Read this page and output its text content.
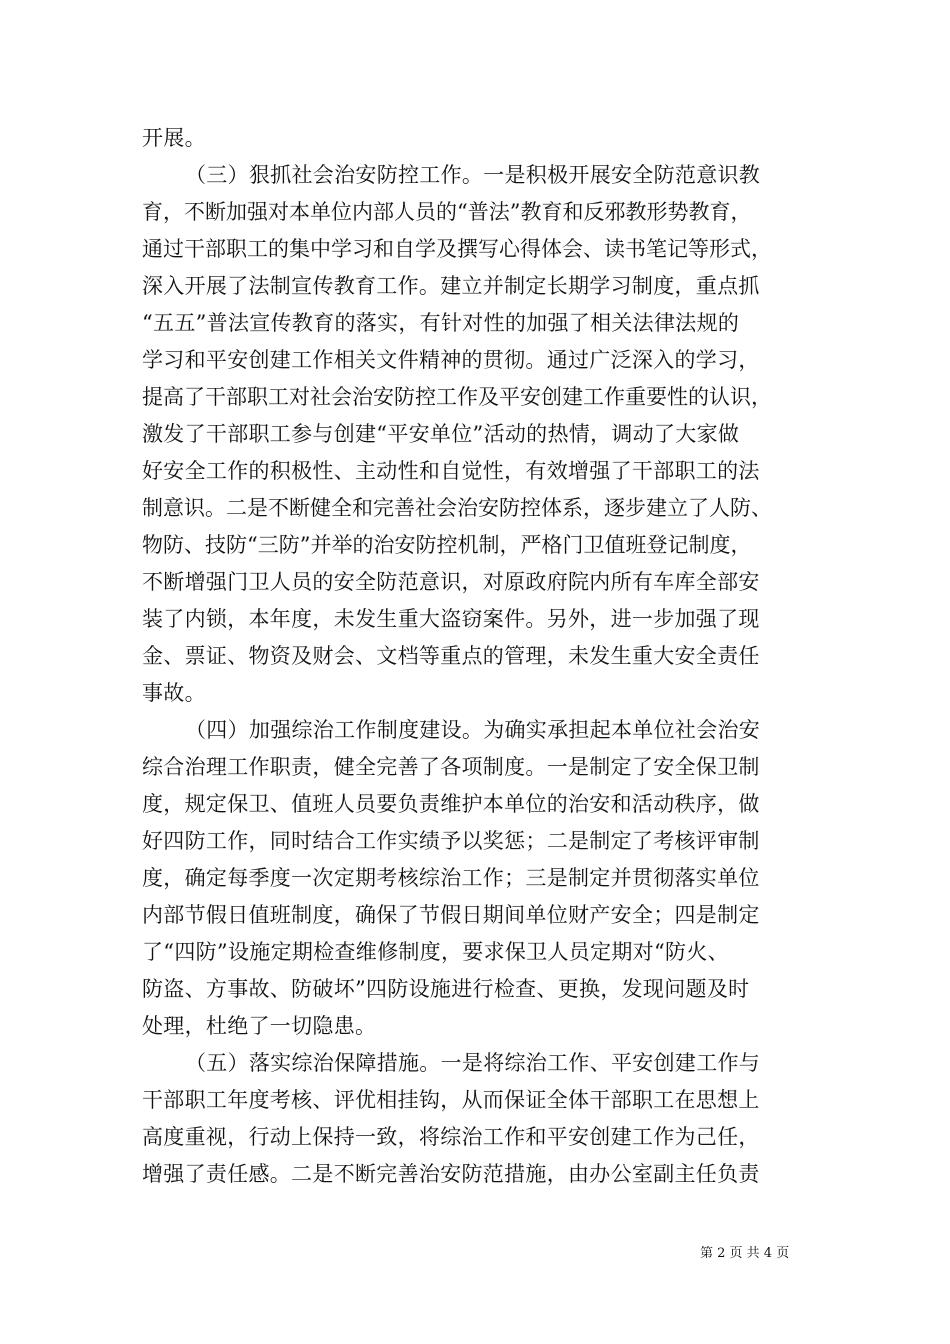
开展。
（三）狠抓社会治安防控工作。一是积极开展安全防范意识教
育，不断加强对本单位内部人员的“普法”教育和反邪教形势教育，
通过干部职工的集中学习和自学及撰写心得体会、读书笔记等形式，
深入开展了法制宣传教育工作。建立并制定长期学习制度，重点抓
“五五”普法宣传教育的落实，有针对性的加强了相关法律法规的
学习和平安创建工作相关文件精神的贯彻。通过广泛深入的学习，
提高了干部职工对社会治安防控工作及平安创建工作重要性的认识，
激发了干部职工参与创建“平安单位”活动的热情，调动了大家做
好安全工作的积极性、主动性和自觉性，有效增强了干部职工的法
制意识。二是不断健全和完善社会治安防控体系，逐步建立了人防、
物防、技防“三防”并举的治安防控机制，严格门卫值班登记制度，
不断增强门卫人员的安全防范意识，对原政府院内所有车库全部安
装了内锁，本年度，未发生重大盗窃案件。另外，进一步加强了现
金、票证、物资及财会、文档等重点的管理，未发生重大安全责任
事故。
（四）加强综治工作制度建设。为确实承担起本单位社会治安
综合治理工作职责，健全完善了各项制度。一是制定了安全保卫制
度，规定保卫、值班人员要负责维护本单位的治安和活动秩序，做
好四防工作，同时结合工作实绩予以奖惩；二是制定了考核评审制
度，确定每季度一次定期考核综治工作；三是制定并贯彻落实单位
内部节假日值班制度，确保了节假日期间单位财产安全；四是制定
了“四防”设施定期检查维修制度，要求保卫人员定期对“防火、
防盗、方事故、防破坏”四防设施进行检查、更换，发现问题及时
处理，杜绝了一切隐患。
（五）落实综治保障措施。一是将综治工作、平安创建工作与
干部职工年度考核、评优相挂钩，从而保证全体干部职工在思想上
高度重视，行动上保持一致，将综治工作和平安创建工作为己任，
增强了责任感。二是不断完善治安防范措施，由办公室副主任负责
第 2 页 共 4 页
